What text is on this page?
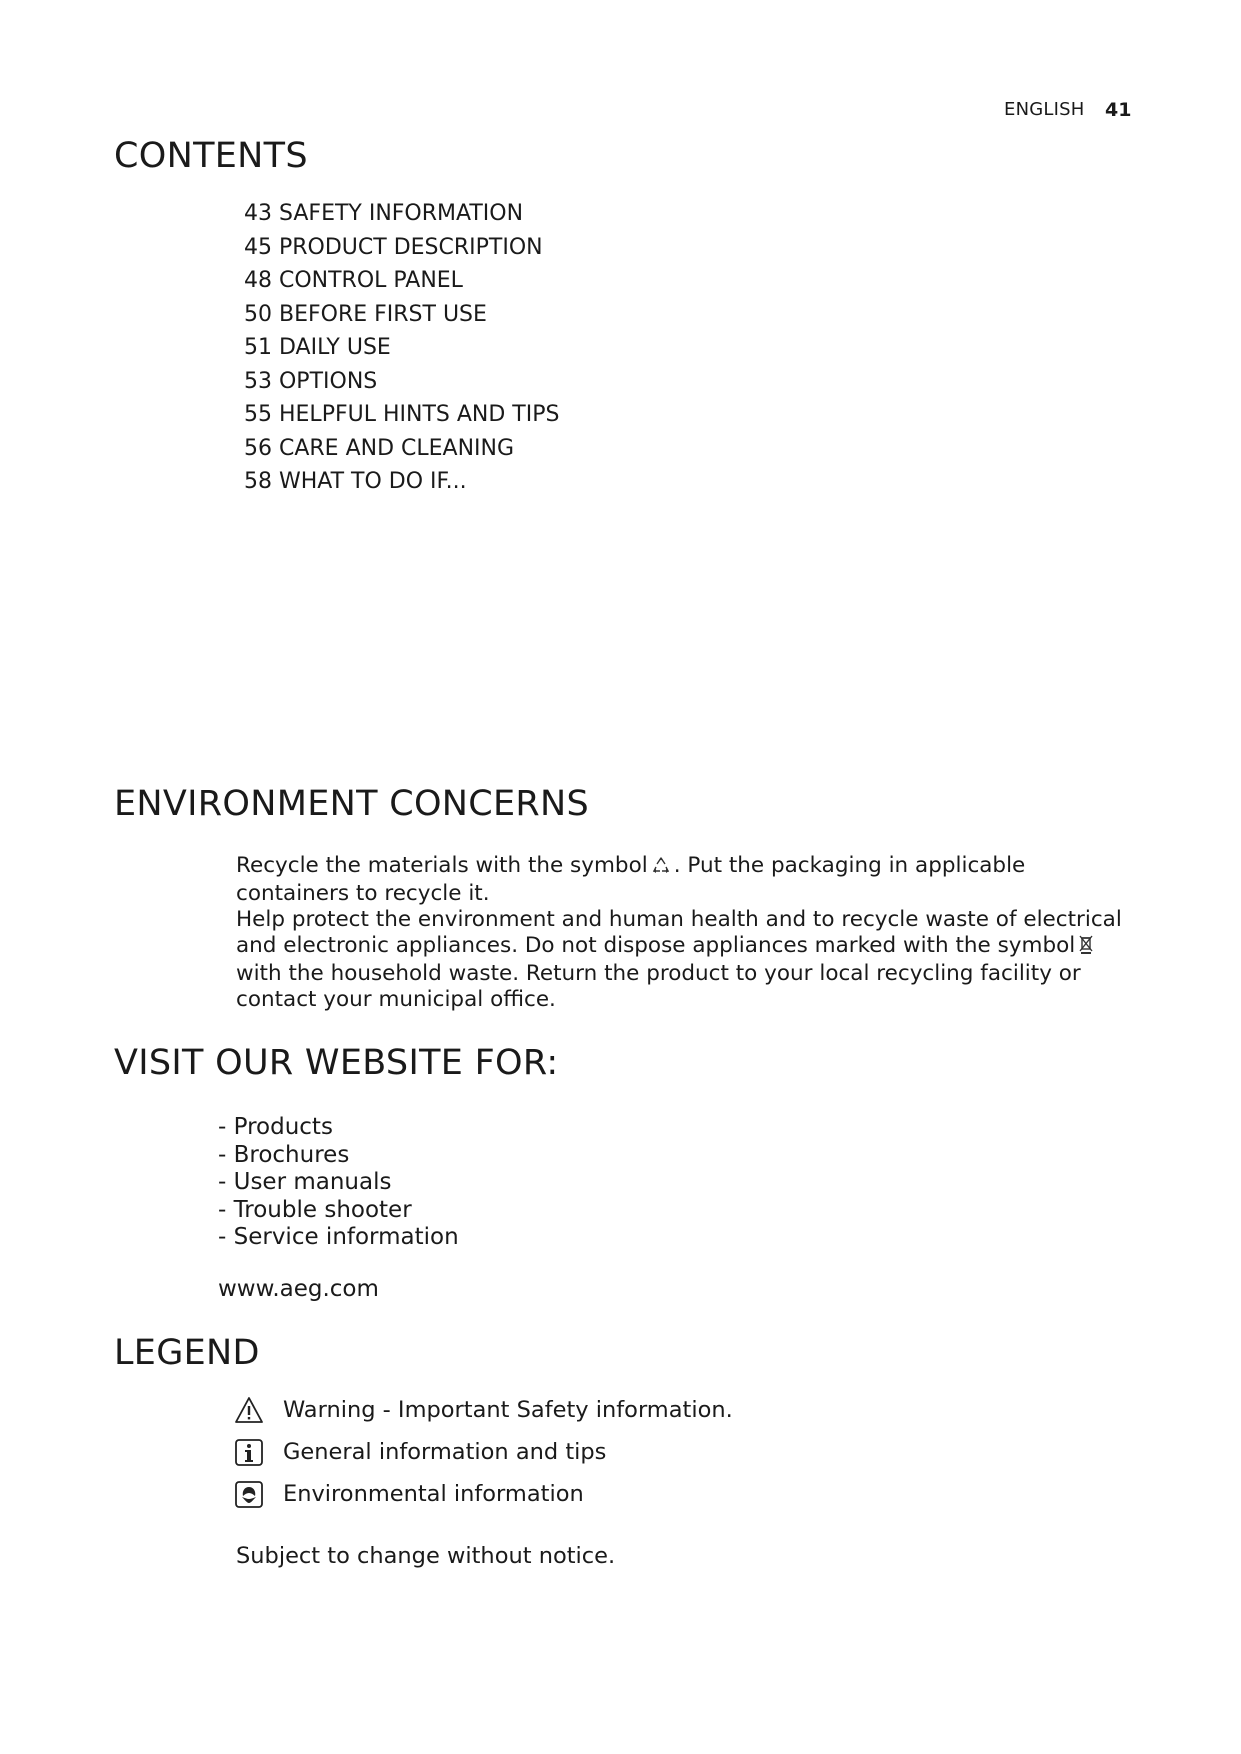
ENGLISH 41
CONTENTS
43 SAFETY INFORMATION
45 PRODUCT DESCRIPTION
48 CONTROL PANEL
50 BEFORE FIRST USE
51 DAILY USE
53 OPTIONS
55 HELPFUL HINTS AND TIPS
56 CARE AND CLEANING
58 WHAT TO DO IF...
ENVIRONMENT CONCERNS

Recycle the materials with the symbol . Put the packaging in applicable containers to recycle it.

Help protect the environment and human health and to recycle waste of electrical and electronic appliances. Do not dispose appliances marked with the symbolwith the household waste. Return the product to your local recycling facility or contact your municipal office.

VISIT OUR WEBSITE FOR:
- Products
- Brochures
- User manuals
- Trouble shooter
- Service information
www.aeg.com
LEGEND
Warning - Important Safety information.
General information and tips
Environmental information
Subject to change without notice.
